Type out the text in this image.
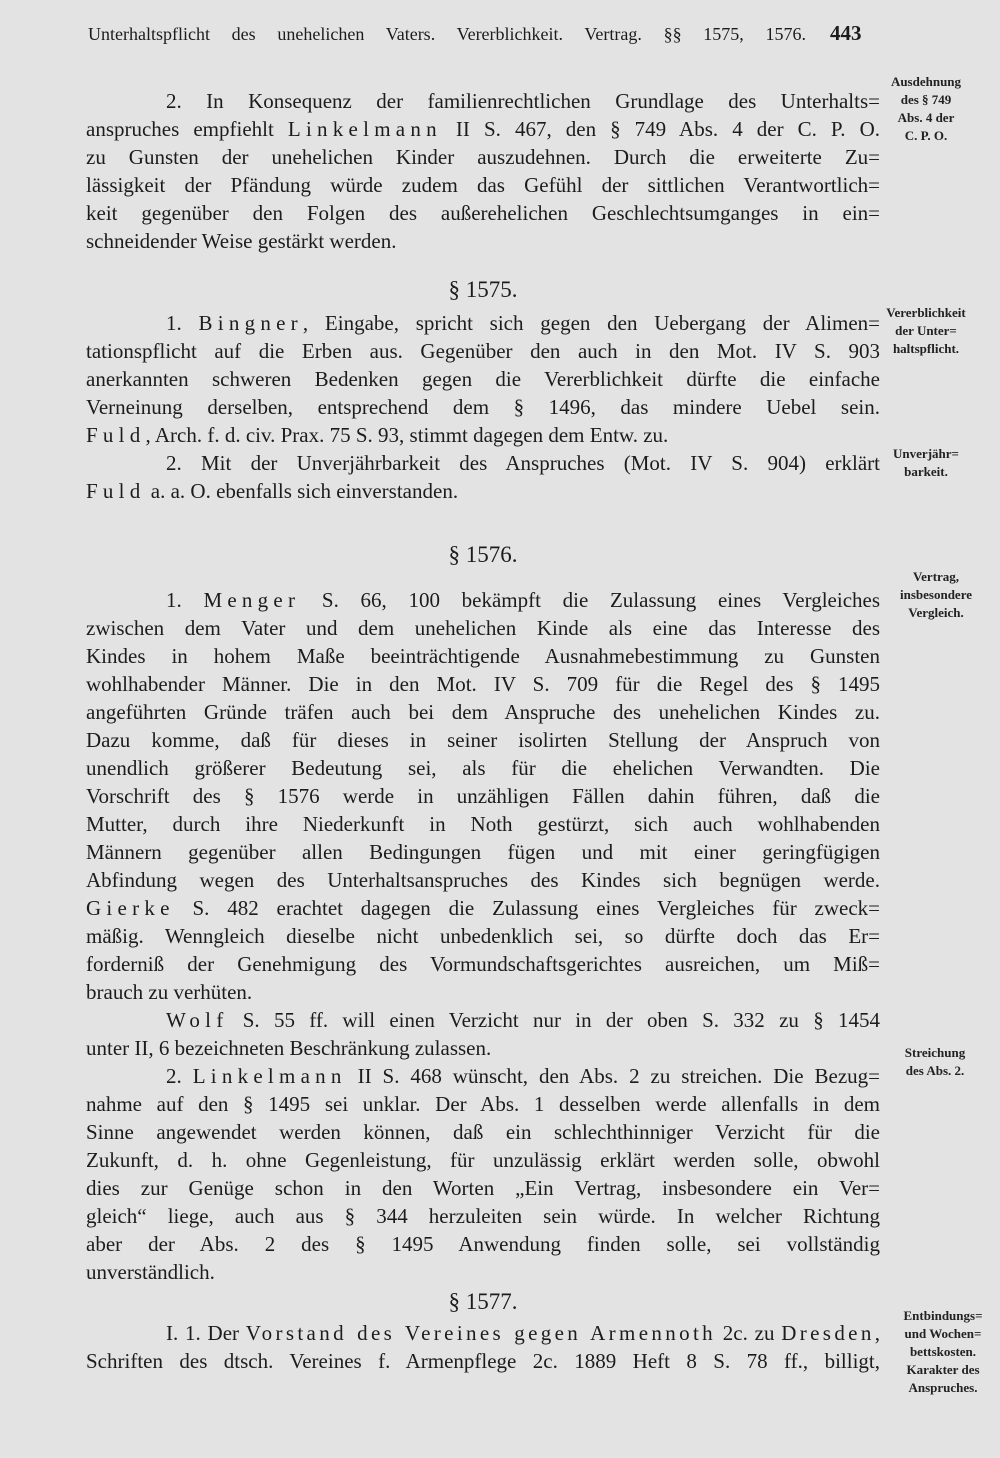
Unterhaltspflicht des unehelichen Vaters. Vererblichkeit. Vertrag. §§ 1575, 1576. 443
2. In Konsequenz der familienrechtlichen Grundlage des Unterhalts=
anspruches empfiehlt Linkelmann II S. 467, den § 749 Abs. 4 der C. P. O.
zu Gunsten der unehelichen Kinder auszudehnen. Durch die erweiterte Zu=
lässigkeit der Pfändung würde zudem das Gefühl der sittlichen Verantwortlich=
keit gegenüber den Folgen des außerehelichen Geschlechtsumganges in ein=
schneidender Weise gestärkt werden.
§ 1575.
1. Bingner, Eingabe, spricht sich gegen den Uebergang der Alimen=
tationspflicht auf die Erben aus. Gegenüber den auch in den Mot. IV S. 903
anerkannten schweren Bedenken gegen die Vererblichkeit dürfte die einfache
Verneinung derselben, entsprechend dem § 1496, das mindere Uebel sein.
Fuld, Arch. f. d. civ. Prax. 75 S. 93, stimmt dagegen dem Entw. zu.
2. Mit der Unverjährbarkeit des Anspruches (Mot. IV S. 904) erklärt
Fuld a. a. O. ebenfalls sich einverstanden.
§ 1576.
1. Menger S. 66, 100 bekämpft die Zulassung eines Vergleiches
zwischen dem Vater und dem unehelichen Kinde als eine das Interesse des
Kindes in hohem Maße beeinträchtigende Ausnahmebestimmung zu Gunsten
wohlhabender Männer. Die in den Mot. IV S. 709 für die Regel des § 1495
angeführten Gründe träfen auch bei dem Anspruche des unehelichen Kindes zu.
Dazu komme, daß für dieses in seiner isolirten Stellung der Anspruch von
unendlich größerer Bedeutung sei, als für die ehelichen Verwandten. Die
Vorschrift des § 1576 werde in unzähligen Fällen dahin führen, daß die
Mutter, durch ihre Niederkunft in Noth gestürzt, sich auch wohlhabenden
Männern gegenüber allen Bedingungen fügen und mit einer geringfügigen
Abfindung wegen des Unterhaltsanspruches des Kindes sich begnügen werde.
Gierke S. 482 erachtet dagegen die Zulassung eines Vergleiches für zweck=
mäßig. Wenngleich dieselbe nicht unbedenklich sei, so dürfte doch das Er=
forderniß der Genehmigung des Vormundschaftsgerichtes ausreichen, um Miß=
brauch zu verhüten.
Wolf S. 55 ff. will einen Verzicht nur in der oben S. 332 zu § 1454
unter II, 6 bezeichneten Beschränkung zulassen.
2. Linkelmann II S. 468 wünscht, den Abs. 2 zu streichen. Die Bezug=
nahme auf den § 1495 sei unklar. Der Abs. 1 desselben werde allenfalls in dem
Sinne angewendet werden können, daß ein schlechthinniger Verzicht für die
Zukunft, d. h. ohne Gegenleistung, für unzulässig erklärt werden solle, obwohl
dies zur Genüge schon in den Worten „Ein Vertrag, insbesondere ein Ver=
gleich“ liege, auch aus § 344 herzuleiten sein würde. In welcher Richtung
aber der Abs. 2 des § 1495 Anwendung finden solle, sei vollständig
unverständlich.
§ 1577.
I. 1. Der Vorstand des Vereines gegen Armennoth 2c. zu Dresden,
Schriften des dtsch. Vereines f. Armenpflege 2c. 1889 Heft 8 S. 78 ff., billigt,
Ausdehnung
des § 749
Abs. 4 der
C. P. O.
Vererblichkeit
der Unter=
haltspflicht.
Unverjähr=
barkeit.
Vertrag,
insbesondere
Vergleich.
Streichung
des Abs. 2.
Entbindungs=
und Wochen=
bettskosten.
Karakter des
Anspruches.
